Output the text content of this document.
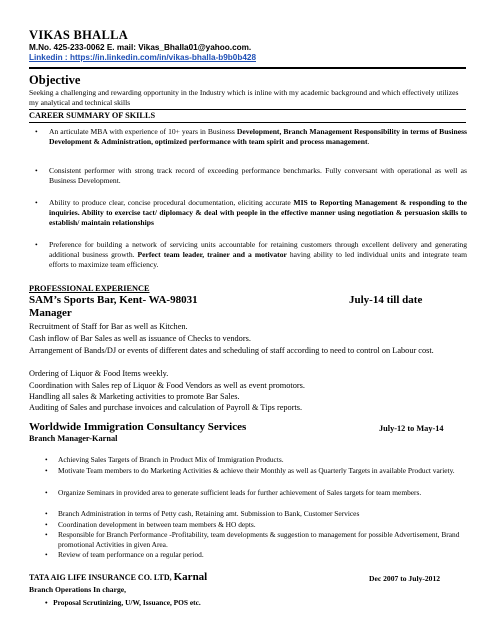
VIKAS BHALLA
M.No. 425-233-0062 E. mail: Vikas_Bhalla01@yahoo.com.
Linkedin : https://in.linkedin.com/in/vikas-bhalla-b9b0b428
Objective
Seeking a challenging and rewarding opportunity in the Industry which is inline with my academic background and which effectively utilizes my analytical and technical skills
CAREER SUMMARY OF SKILLS
• An articulate MBA with experience of 10+ years in Business Development, Branch Management Responsibility in terms of Business Development & Administration, optimized performance with team spirit and process management.
• Consistent performer with strong track record of exceeding performance benchmarks. Fully conversant with operational as well as Business Development.
• Ability to produce clear, concise procedural documentation, eliciting accurate MIS to Reporting Management & responding to the inquiries. Ability to exercise tact/ diplomacy & deal with people in the effective manner using negotiation & persuasion skills to establish/ maintain relationships
• Preference for building a network of servicing units accountable for retaining customers through excellent delivery and generating additional business growth. Perfect team leader, trainer and a motivator having ability to led individual units and integrate team efforts to maximize team efficiency.
PROFESSIONAL EXPERIENCE
SAM’s Sports Bar, Kent- WA-98031	July-14 till date
Manager
Recruitment of Staff for Bar as well as Kitchen.
Cash inflow of Bar Sales as well as issuance of Checks to vendors.
Arrangement of Bands/DJ or events of different dates and scheduling of staff according to need to control on Labour cost.
Ordering of Liquor & Food Items weekly.
Coordination with Sales rep of Liquor & Food Vendors as well as event promotors.
Handling all sales & Marketing activities to promote Bar Sales.
Auditing of Sales and purchase invoices and calculation of Payroll & Tips reports.
Worldwide Immigration Consultancy Services	July-12 to May-14
Branch Manager-Karnal
• Achieving Sales Targets of Branch in Product Mix of Immigration Products.
• Motivate Team members to do Marketing Activities & achieve their Monthly as well as Quarterly Targets in available Product variety.
• Organize Seminars in provided area to generate sufficient leads for further achievement of Sales targets for team members.
• Branch Administration in terms of Petty cash, Retaining amt. Submission to Bank, Customer Services
• Coordination development in between team members & HO depts.
• Responsible for Branch Performance -Profitability, team developments & suggestion to management for possible Advertisement, Brand promotional Activities in given Area.
• Review of team performance on a regular period.
TATA AIG LIFE INSURANCE CO. LTD, Karnal	Dec 2007 to July-2012
Branch Operations In charge,
• Proposal Scrutinizing, U/W, Issuance, POS etc.
